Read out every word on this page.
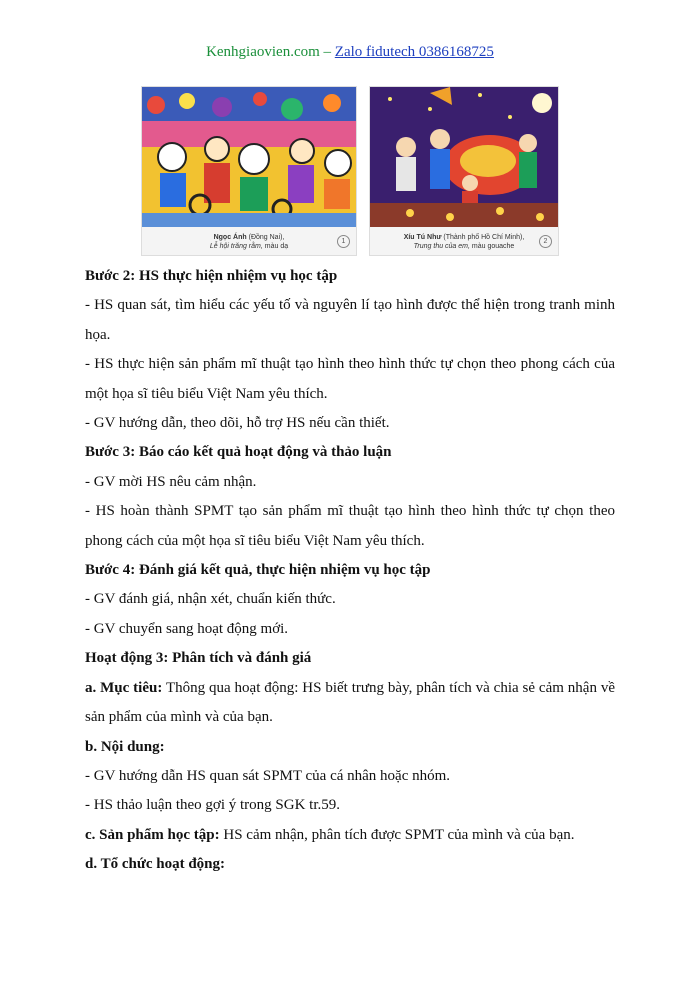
Kenhgiaovien.com – Zalo fidutech 0386168725
Ngọc Ánh (Đồng Nai),
Lễ hội trăng rằm, màu dạ
1
Xíu Tú Như (Thành phố Hồ Chí Minh),
Trung thu của em, màu gouache
2

Bước 2: HS thực hiện nhiệm vụ học tập

- HS quan sát, tìm hiểu các yếu tố và nguyên lí tạo hình được thể hiện trong tranh minh họa.

- HS thực hiện sản phẩm mĩ thuật tạo hình theo hình thức tự chọn theo phong cách của một họa sĩ tiêu biểu Việt Nam yêu thích.

- GV hướng dẫn, theo dõi, hỗ trợ HS nếu cần thiết.

Bước 3: Báo cáo kết quả hoạt động và thảo luận

- GV mời HS nêu cảm nhận.

- HS hoàn thành SPMT tạo sản phẩm mĩ thuật tạo hình theo hình thức tự chọn theo phong cách của một họa sĩ tiêu biểu Việt Nam yêu thích.

Bước 4: Đánh giá kết quả, thực hiện nhiệm vụ học tập

- GV đánh giá, nhận xét, chuẩn kiến thức.

- GV chuyển sang hoạt động mới.

Hoạt động 3: Phân tích và đánh giá

a. Mục tiêu: Thông qua hoạt động: HS biết trưng bày, phân tích và chia sẻ cảm nhận về sản phẩm của mình và của bạn.

b. Nội dung:

- GV hướng dẫn HS quan sát SPMT của cá nhân hoặc nhóm.

- HS thảo luận theo gợi ý trong SGK tr.59.

c. Sản phẩm học tập: HS cảm nhận, phân tích được SPMT của mình và của bạn.

d. Tổ chức hoạt động:
